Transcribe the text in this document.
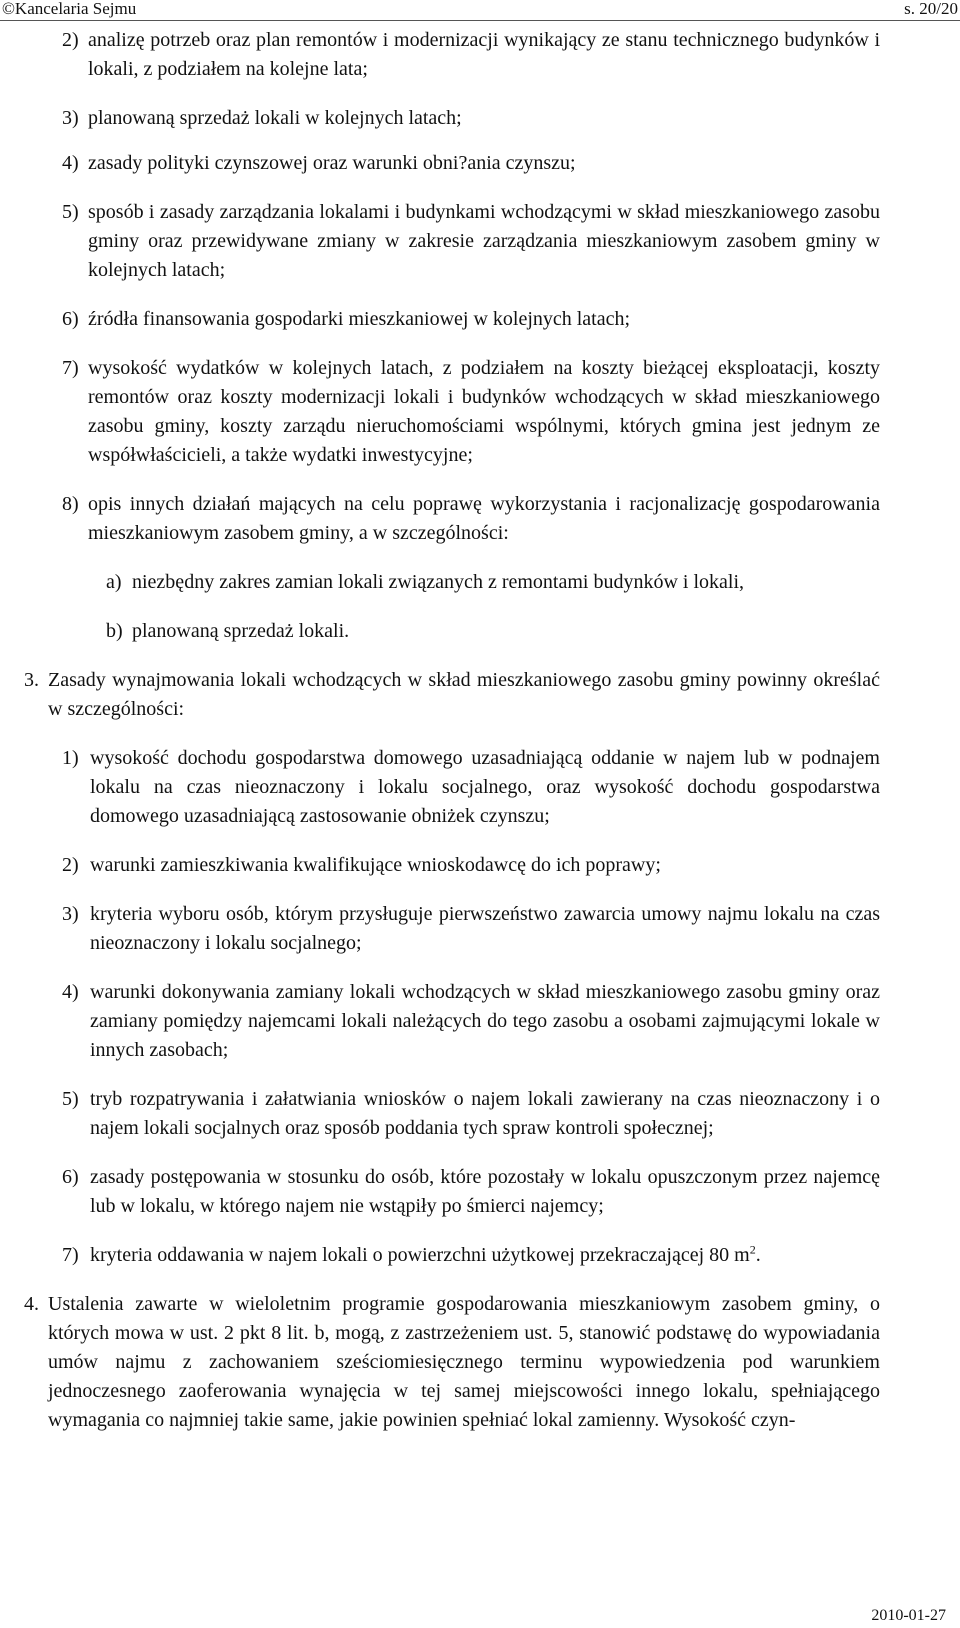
©Kancelaria Sejmu	s. 20/20
2) analizę potrzeb oraz plan remontów i modernizacji wynikający ze stanu technicznego budynków i lokali, z podziałem na kolejne lata;
3) planowaną sprzedaż lokali w kolejnych latach;
4) zasady polityki czynszowej oraz warunki obni?ania czynszu;
5) sposób i zasady zarządzania lokalami i budynkami wchodzącymi w skład mieszkaniowego zasobu gminy oraz przewidywane zmiany w zakresie zarządzania mieszkaniowym zasobem gminy w kolejnych latach;
6) źródła finansowania gospodarki mieszkaniowej w kolejnych latach;
7) wysokość wydatków w kolejnych latach, z podziałem na koszty bieżącej eksploatacji, koszty remontów oraz koszty modernizacji lokali i budynków wchodzących w skład mieszkaniowego zasobu gminy, koszty zarządu nieruchomościami wspólnymi, których gmina jest jednym ze współwłaścicieli, a także wydatki inwestycyjne;
8) opis innych działań mających na celu poprawę wykorzystania i racjonalizację gospodarowania mieszkaniowym zasobem gminy, a w szczególności:
a) niezbędny zakres zamian lokali związanych z remontami budynków i lokali,
b) planowaną sprzedaż lokali.
3. Zasady wynajmowania lokali wchodzących w skład mieszkaniowego zasobu gminy powinny określać w szczególności:
1) wysokość dochodu gospodarstwa domowego uzasadniającą oddanie w najem lub w podnajem lokalu na czas nieoznaczony i lokalu socjalnego, oraz wysokość dochodu gospodarstwa domowego uzasadniającą zastosowanie obniżek czynszu;
2) warunki zamieszkiwania kwalifikujące wnioskodawcę do ich poprawy;
3) kryteria wyboru osób, którym przysługuje pierwszeństwo zawarcia umowy najmu lokalu na czas nieoznaczony i lokalu socjalnego;
4) warunki dokonywania zamiany lokali wchodzących w skład mieszkaniowego zasobu gminy oraz zamiany pomiędzy najemcami lokali należących do tego zasobu a osobami zajmującymi lokale w innych zasobach;
5) tryb rozpatrywania i załatwiania wniosków o najem lokali zawierany na czas nieoznaczony i o najem lokali socjalnych oraz sposób poddania tych spraw kontroli społecznej;
6) zasady postępowania w stosunku do osób, które pozostały w lokalu opuszczonym przez najemcę lub w lokalu, w którego najem nie wstąpiły po śmierci najemcy;
7) kryteria oddawania w najem lokali o powierzchni użytkowej przekraczającej 80 $m^2$.
4. Ustalenia zawarte w wieloletnim programie gospodarowania mieszkaniowym zasobem gminy, o których mowa w ust. 2 pkt 8 lit. b, mogą, z zastrzeżeniem ust. 5, stanowić podstawę do wypowiadania umów najmu z zachowaniem sześciomiesięcznego terminu wypowiedzenia pod warunkiem jednoczesnego zaoferowania wynajęcia w tej samej miejscowości innego lokalu, spełniającego wymagania co najmniej takie same, jakie powinien spełniać lokal zamienny. Wysokość czyn-
2010-01-27
